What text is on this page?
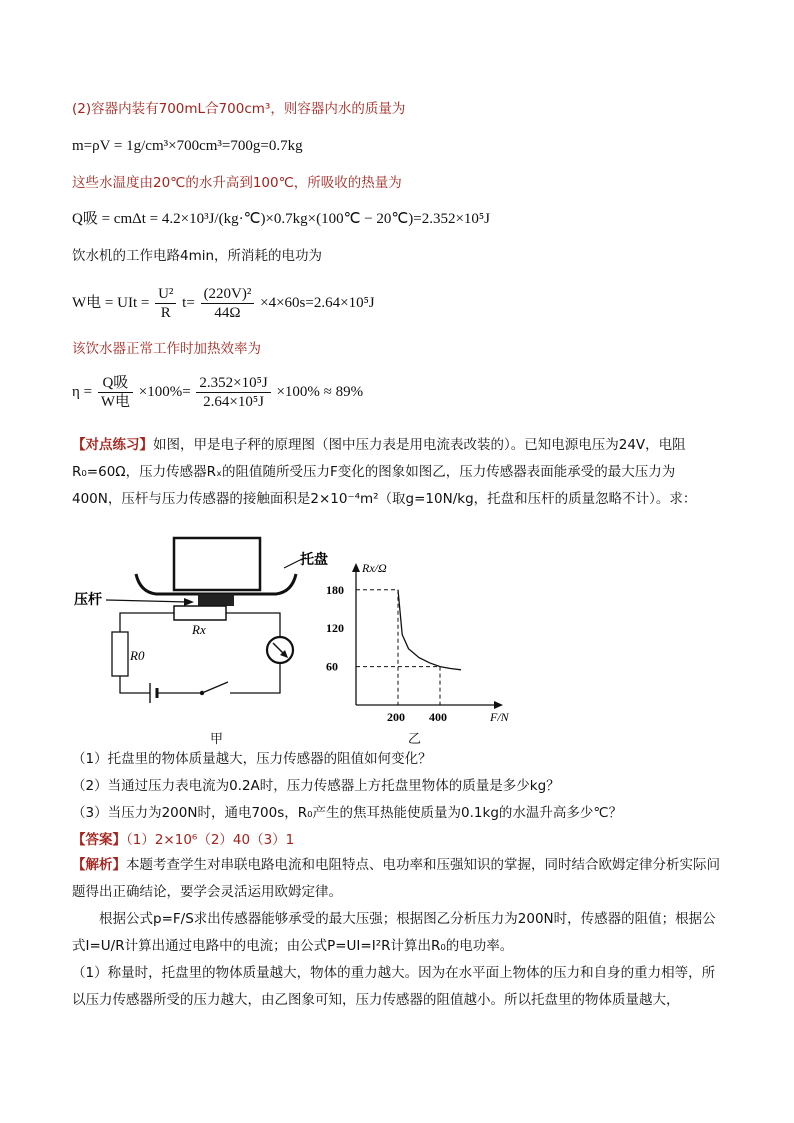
(2)容器内装有700mL合700cm³，则容器内水的质量为
m=ρV = 1g/cm³×700cm³=700g=0.7kg
这些水温度由20℃的水升高到100℃，所吸收的热量为
Q吸 = cmΔt = 4.2×10³J/(kg·℃)×0.7kg×(100℃ − 20℃)=2.352×10⁵J
饮水机的工作电路4min，所消耗的电功为
W电 = UIt = $\frac{\text{U²}}{R} t= \frac{\text{(220V)²}}{44\Omega} \times 4\times 60s=2.64\times 10^5J$
该饮水器正常工作时加热效率为
$\eta = \frac{\text{Q吸}}{\text{W电}} \times 100\%= \frac{\text{2.352×10⁵J}}{\text{2.64×10⁵J}} \times 100\% \approx 89\%$
【对点练习】如图，甲是电子秤的原理图（图中压力表是用电流表改装的）。已知电源电压为24V，电阻R₀=60Ω，压力传感器Rₓ的阻值随所受压力F变化的图象如图乙，压力传感器表面能承受的最大压力为400N，压杆与压力传感器的接触面积是2×10⁻⁴m²（取g=10N/kg，托盘和压杆的质量忽略不计）。求：
托盘
压杆
Rx
R0
Rx/Ω
F/N
60
120
180
200 400
甲	乙
（1）托盘里的物体质量越大，压力传感器的阻值如何变化？
（2）当通过压力表电流为0.2A时，压力传感器上方托盘里物体的质量是多少kg？
（3）当压力为200N时，通电700s，R₀产生的焦耳热能使质量为0.1kg的水温升高多少℃？
【答案】（1）2×10⁶（2）40（3）1
【解析】本题考查学生对串联电路电流和电阻特点、电功率和压强知识的掌握，同时结合欧姆定律分析实际问题得出正确结论，要学会灵活运用欧姆定律。
根据公式p=F/S求出传感器能够承受的最大压强；根据图乙分析压力为200N时，传感器的阻值；根据公式I=U/R计算出通过电路中的电流；由公式P=UI=I²R计算出R₀的电功率。
（1）称量时，托盘里的物体质量越大，物体的重力越大。因为在水平面上物体的压力和自身的重力相等，所以压力传感器所受的压力越大，由乙图象可知，压力传感器的阻值越小。所以托盘里的物体质量越大，
